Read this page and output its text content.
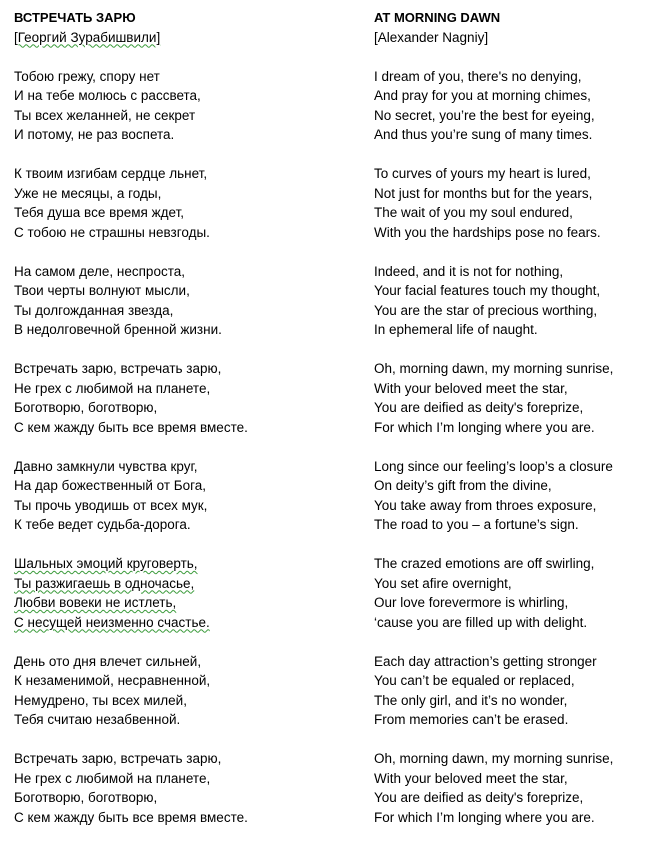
ВСТРЕЧАТЬ ЗАРЮ
[Георгий Зурабишвили]
Тобою грежу, спору нет
И на тебе молюсь с рассвета,
Ты всех желанней, не секрет
И потому, не раз воспета.
К твоим изгибам сердце льнет,
Уже не месяцы, а годы,
Тебя душа все время ждет,
С тобою не страшны невзгоды.
На самом деле, неспроста,
Твои черты волнуют мысли,
Ты долгожданная звезда,
В недолговечной бренной жизни.
Встречать зарю, встречать зарю,
Не грех с любимой на планете,
Боготворю, боготворю,
С кем жажду быть все время вместе.
Давно замкнули чувства круг,
На дар божественный от Бога,
Ты прочь уводишь от всех мук,
К тебе ведет судьба-дорога.
Шальных эмоций круговерть,
Ты разжигаешь в одночасье,
Любви вовеки не истлеть,
С несущей неизменно счастье.
День ото дня влечет сильней,
К незаменимой, несравненной,
Немудрено, ты всех милей,
Тебя считаю незабвенной.
Встречать зарю, встречать зарю,
Не грех с любимой на планете,
Боготворю, боготворю,
С кем жажду быть все время вместе.
AT MORNING DAWN
[Alexander Nagniy]
I dream of you, there's no denying,
And pray for you at morning chimes,
No secret, you’re the best for eyeing,
And thus you’re sung of many times.
To curves of yours my heart is lured,
Not just for months but for the years,
The wait of you my soul endured,
With you the hardships pose no fears.
Indeed, and it is not for nothing,
Your facial features touch my thought,
You are the star of precious worthing,
In ephemeral life of naught.
Oh, morning dawn, my morning sunrise,
With your beloved meet the star,
You are deified as deity's foreprize,
For which I’m longing where you are.
Long since our feeling’s loop’s a closure
On deity’s gift from the divine,
You take away from throes exposure,
The road to you – a fortune’s sign.
The crazed emotions are off swirling,
You set afire overnight,
Our love forevermore is whirling,
‘cause you are filled up with delight.
Each day attraction’s getting stronger
You can’t be equaled or replaced,
The only girl, and it’s no wonder,
From memories can’t be erased.
Oh, morning dawn, my morning sunrise,
With your beloved meet the star,
You are deified as deity's foreprize,
For which I’m longing where you are.
